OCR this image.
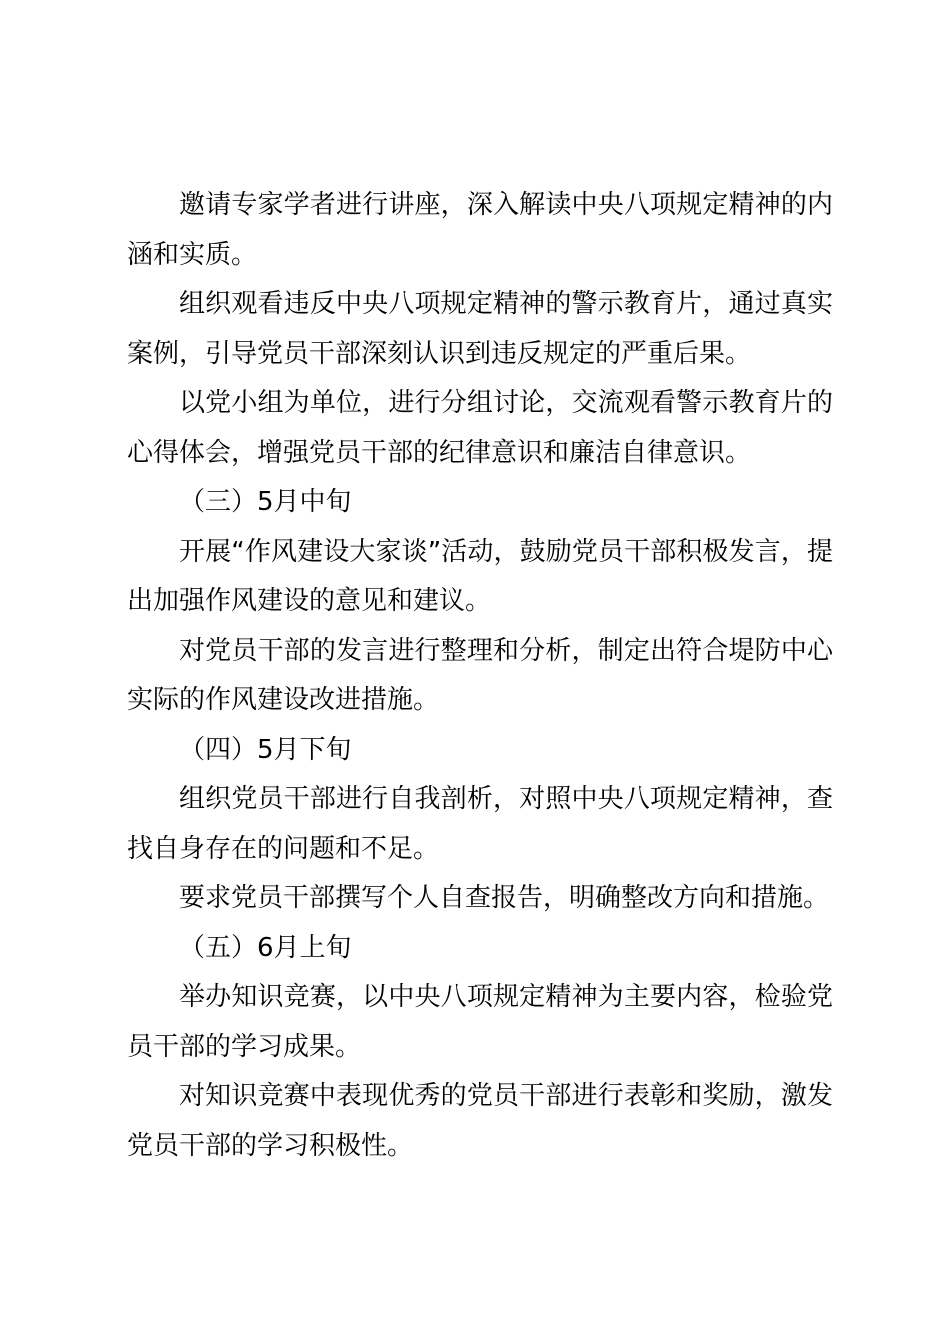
邀请专家学者进行讲座，深入解读中央八项规定精神的内涵和实质。

组织观看违反中央八项规定精神的警示教育片，通过真实案例，引导党员干部深刻认识到违反规定的严重后果。

以党小组为单位，进行分组讨论，交流观看警示教育片的心得体会，增强党员干部的纪律意识和廉洁自律意识。

（三）5月中旬

开展“作风建设大家谈”活动，鼓励党员干部积极发言，提出加强作风建设的意见和建议。

对党员干部的发言进行整理和分析，制定出符合堤防中心实际的作风建设改进措施。

（四）5月下旬

组织党员干部进行自我剖析，对照中央八项规定精神，查找自身存在的问题和不足。

要求党员干部撰写个人自查报告，明确整改方向和措施。

（五）6月上旬

举办知识竞赛，以中央八项规定精神为主要内容，检验党员干部的学习成果。

对知识竞赛中表现优秀的党员干部进行表彰和奖励，激发党员干部的学习积极性。
